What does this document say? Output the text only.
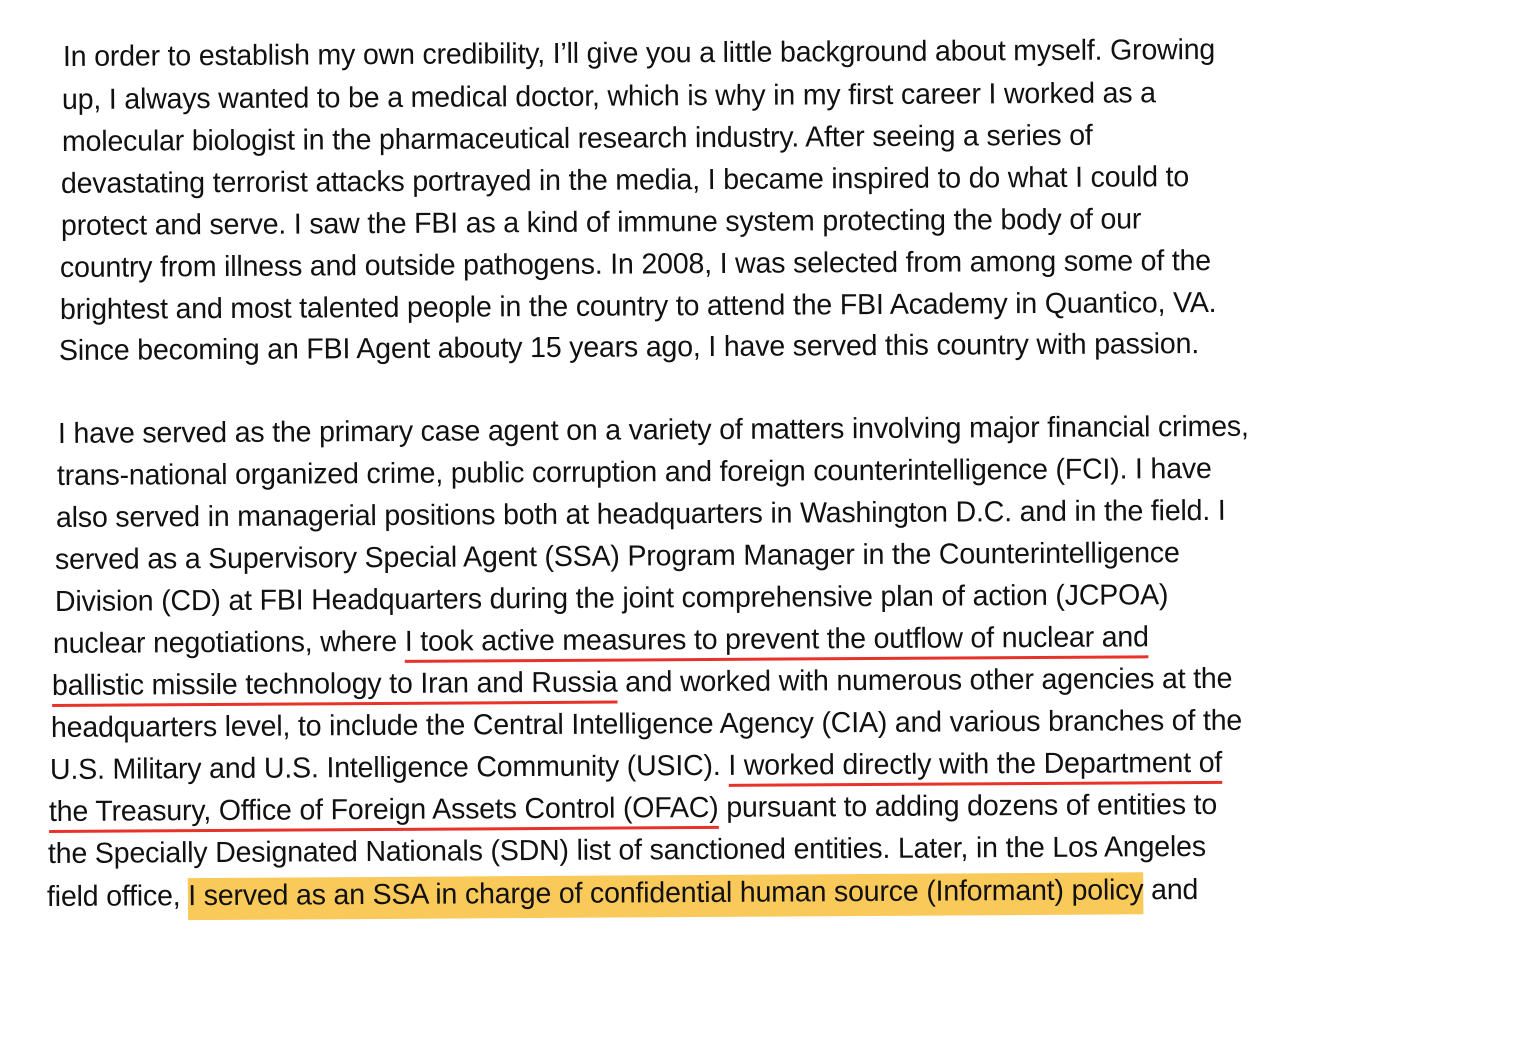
In order to establish my own credibility, I’ll give you a little background about myself. Growing
up, I always wanted to be a medical doctor, which is why in my first career I worked as a
molecular biologist in the pharmaceutical research industry. After seeing a series of
devastating terrorist attacks portrayed in the media, I became inspired to do what I could to
protect and serve. I saw the FBI as a kind of immune system protecting the body of our
country from illness and outside pathogens. In 2008, I was selected from among some of the
brightest and most talented people in the country to attend the FBI Academy in Quantico, VA.
Since becoming an FBI Agent abouty 15 years ago, I have served this country with passion.
I have served as the primary case agent on a variety of matters involving major financial crimes,
trans-national organized crime, public corruption and foreign counterintelligence (FCI). I have
also served in managerial positions both at headquarters in Washington D.C. and in the field. I
served as a Supervisory Special Agent (SSA) Program Manager in the Counterintelligence
Division (CD) at FBI Headquarters during the joint comprehensive plan of action (JCPOA)
nuclear negotiations, where I took active measures to prevent the outflow of nuclear and
ballistic missile technology to Iran and Russia and worked with numerous other agencies at the
headquarters level, to include the Central Intelligence Agency (CIA) and various branches of the
U.S. Military and U.S. Intelligence Community (USIC). I worked directly with the Department of
the Treasury, Office of Foreign Assets Control (OFAC) pursuant to adding dozens of entities to
the Specially Designated Nationals (SDN) list of sanctioned entities. Later, in the Los Angeles
field office, I served as an SSA in charge of confidential human source (Informant) policy and
